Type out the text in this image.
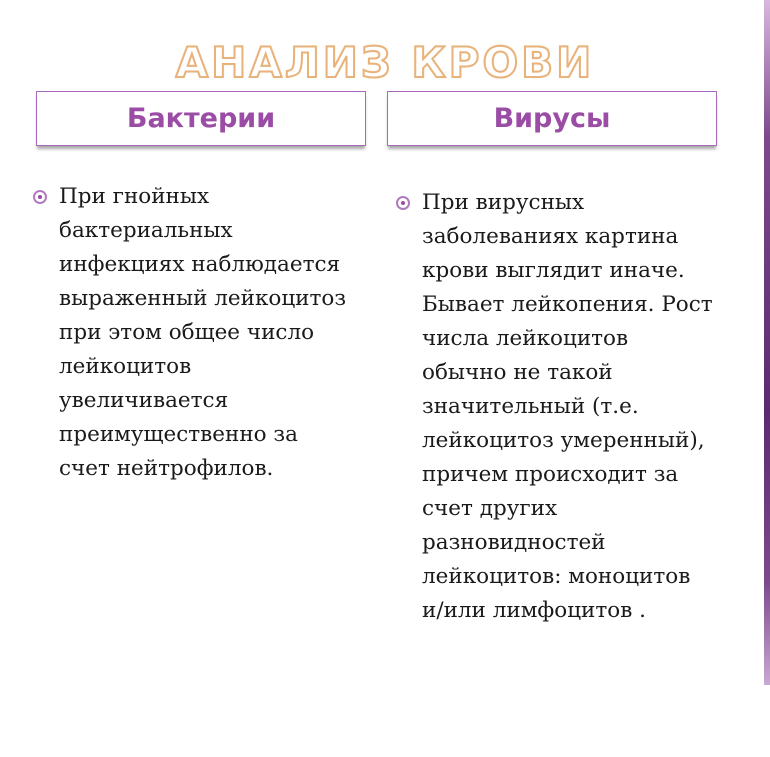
АНАЛИЗ КРОВИ
Бактерии	Вирусы
При гнойных
бактериальных
инфекциях наблюдается
выраженный лейкоцитоз
при этом общее число
лейкоцитов
увеличивается
преимущественно за
счет нейтрофилов.
При вирусных
заболеваниях картина
крови выглядит иначе.
Бывает лейкопения. Рост
числа лейкоцитов
обычно не такой
значительный (т.е.
лейкоцитоз умеренный),
причем происходит за
счет других
разновидностей
лейкоцитов: моноцитов
и/или лимфоцитов .
